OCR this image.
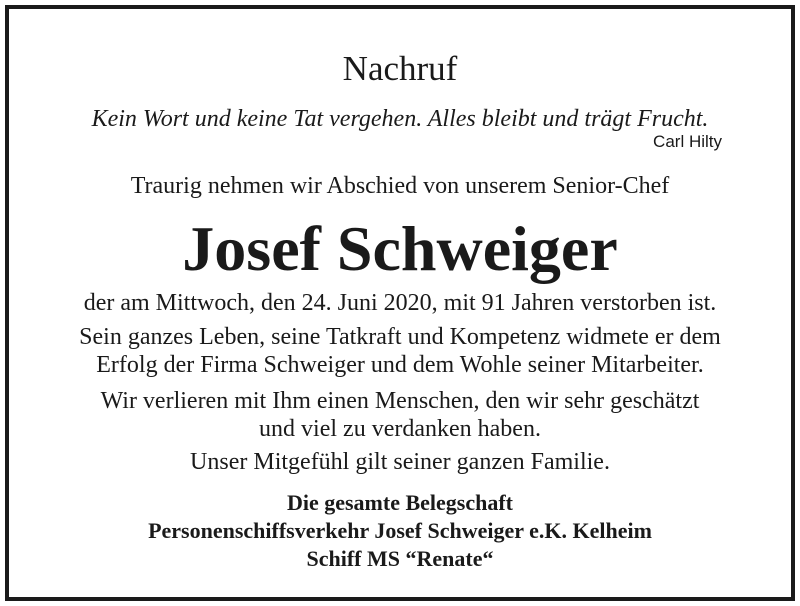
Nachruf
Kein Wort und keine Tat vergehen. Alles bleibt und trägt Frucht.
Carl Hilty
Traurig nehmen wir Abschied von unserem Senior-Chef
Josef Schweiger
der am Mittwoch, den 24. Juni 2020, mit 91 Jahren verstorben ist.
Sein ganzes Leben, seine Tatkraft und Kompetenz widmete er dem
Erfolg der Firma Schweiger und dem Wohle seiner Mitarbeiter.
Wir verlieren mit Ihm einen Menschen, den wir sehr geschätzt
und viel zu verdanken haben.
Unser Mitgefühl gilt seiner ganzen Familie.
Die gesamte Belegschaft
Personenschiffsverkehr Josef Schweiger e.K. Kelheim
Schiff MS “Renate“
